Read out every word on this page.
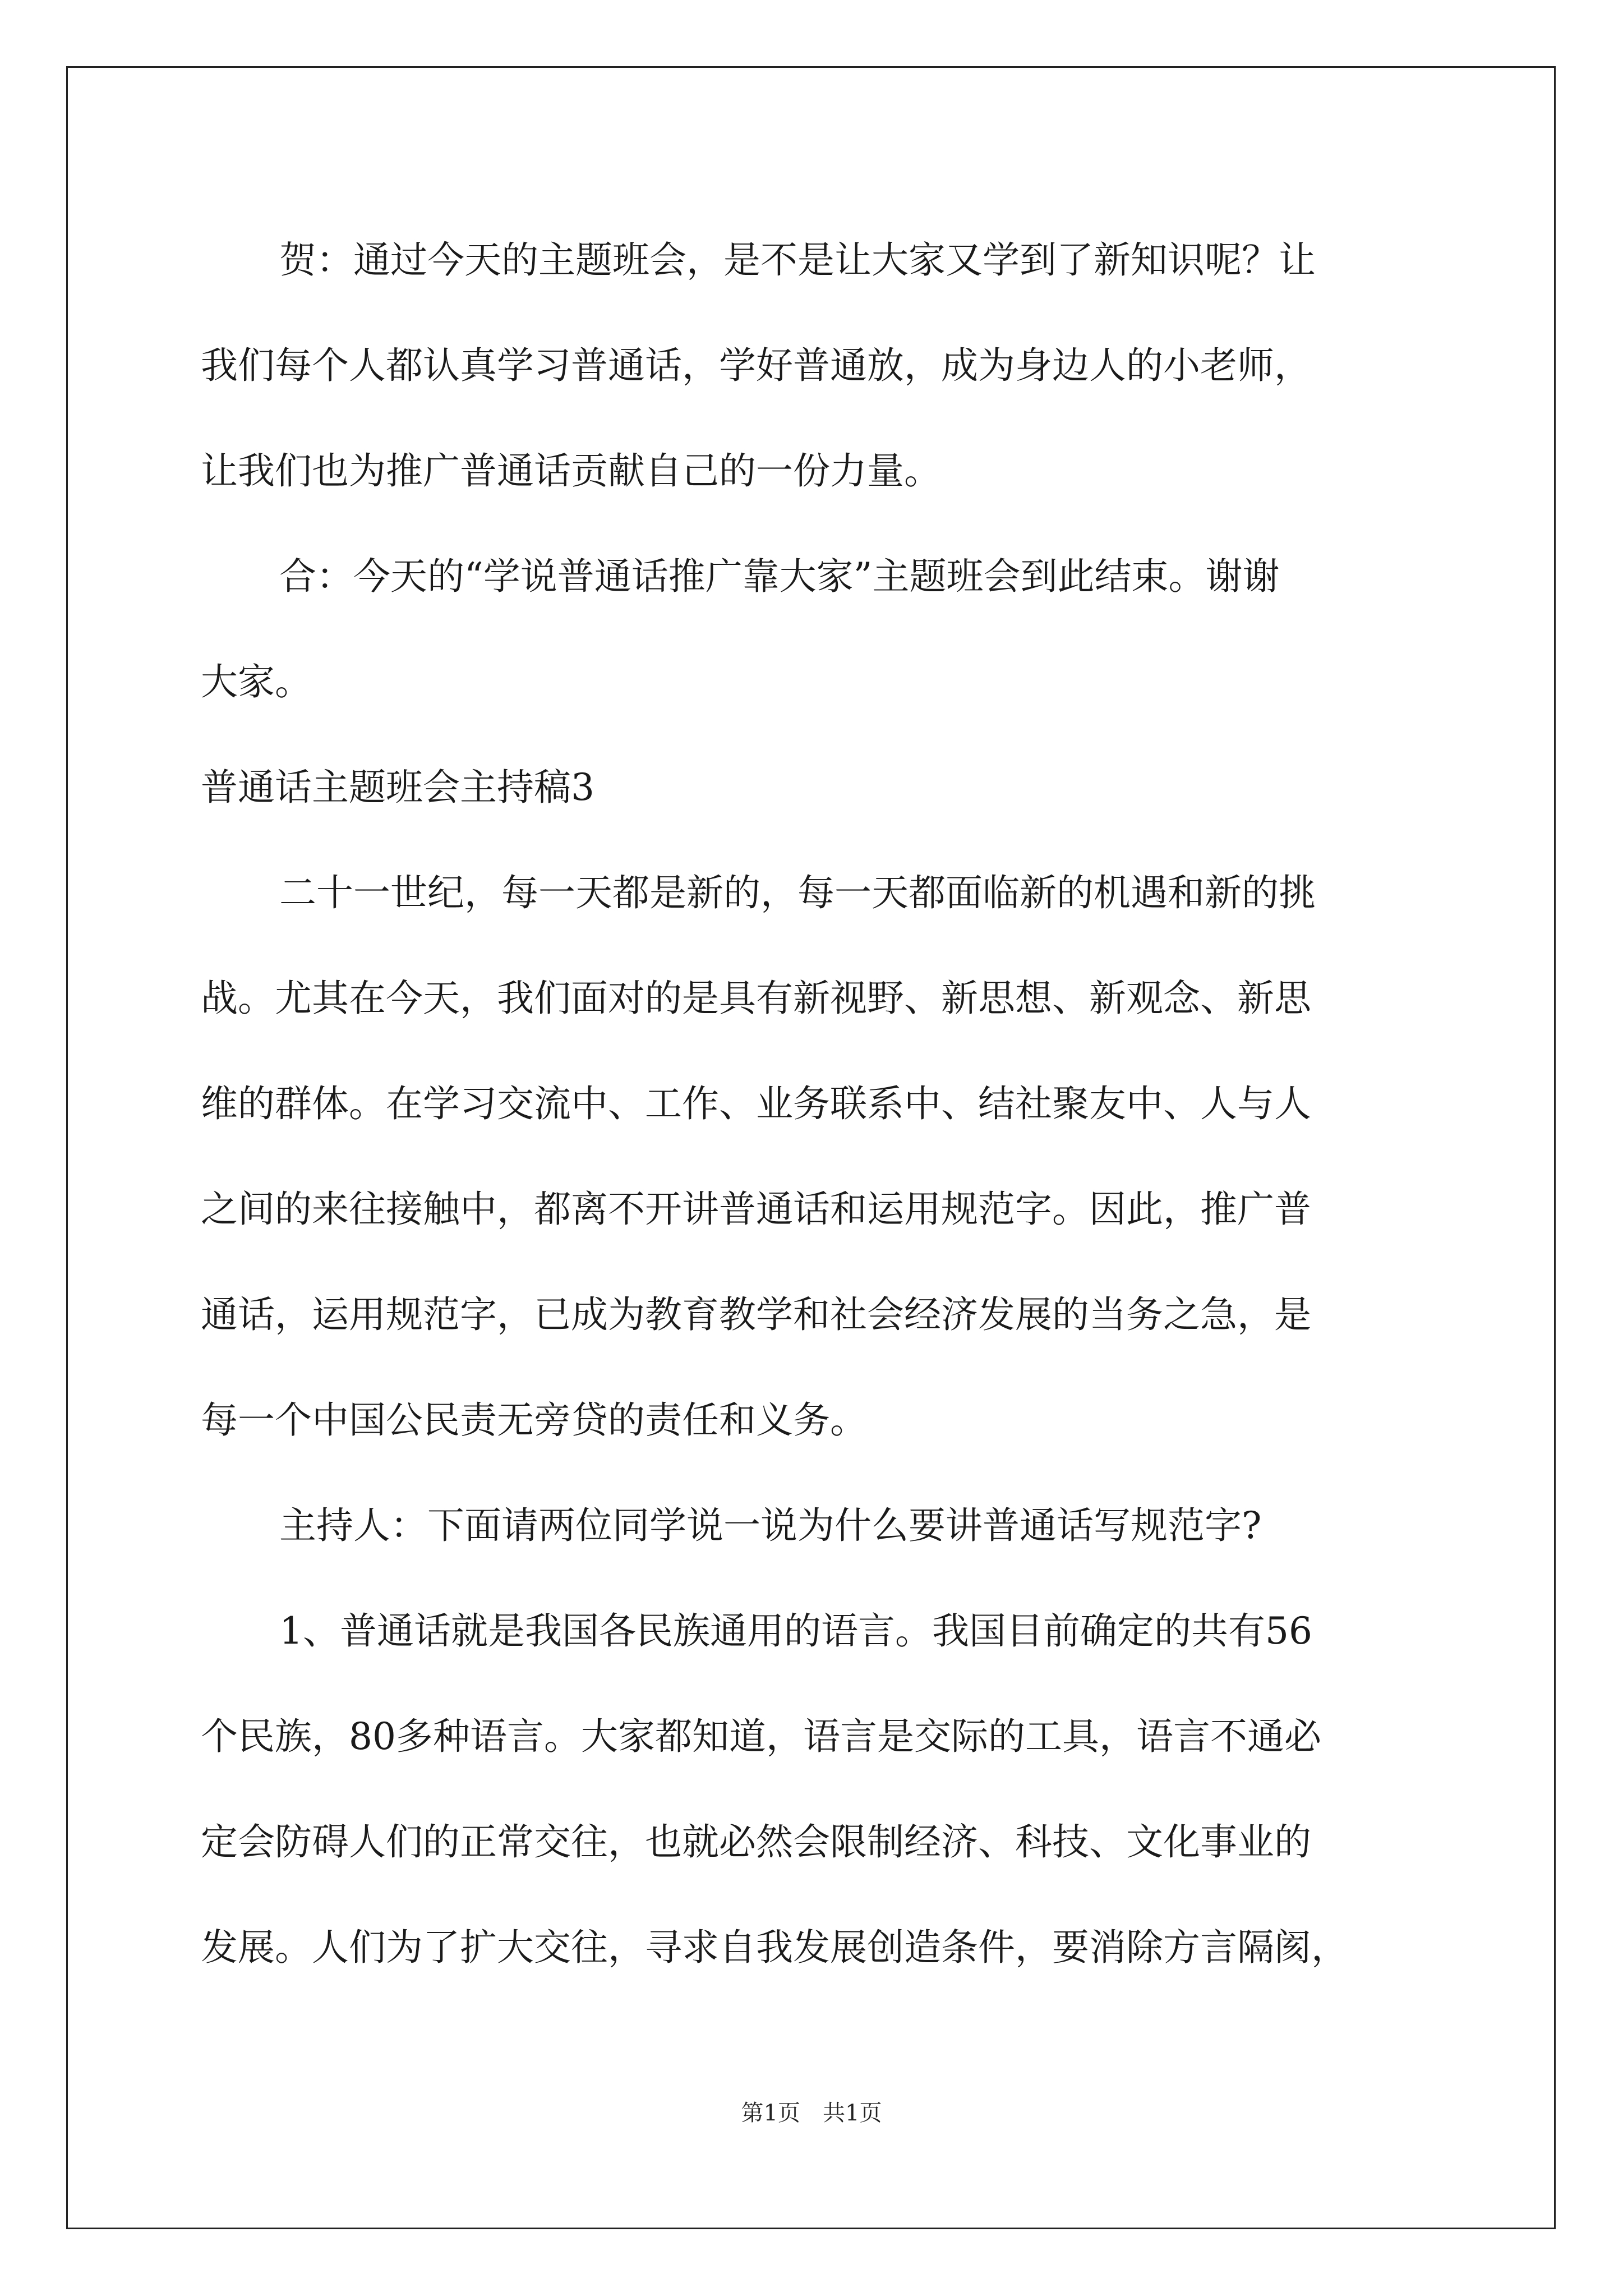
贺：通过今天的主题班会，是不是让大家又学到了新知识呢？让

我们每个人都认真学习普通话，学好普通放，成为身边人的小老师，

让我们也为推广普通话贡献自己的一份力量。

合：今天的“学说普通话推广靠大家”主题班会到此结束。谢谢

大家。

普通话主题班会主持稿3

二十一世纪，每一天都是新的，每一天都面临新的机遇和新的挑

战。尤其在今天，我们面对的是具有新视野、新思想、新观念、新思

维的群体。在学习交流中、工作、业务联系中、结社聚友中、人与人

之间的来往接触中，都离不开讲普通话和运用规范字。因此，推广普

通话，运用规范字，已成为教育教学和社会经济发展的当务之急，是

每一个中国公民责无旁贷的责任和义务。

主持人：下面请两位同学说一说为什么要讲普通话写规范字?

1、普通话就是我国各民族通用的语言。我国目前确定的共有56

个民族，80多种语言。大家都知道，语言是交际的工具，语言不通必

定会防碍人们的正常交往，也就必然会限制经济、科技、文化事业的

发展。人们为了扩大交往，寻求自我发展创造条件，要消除方言隔阂，

第1页 共1页
